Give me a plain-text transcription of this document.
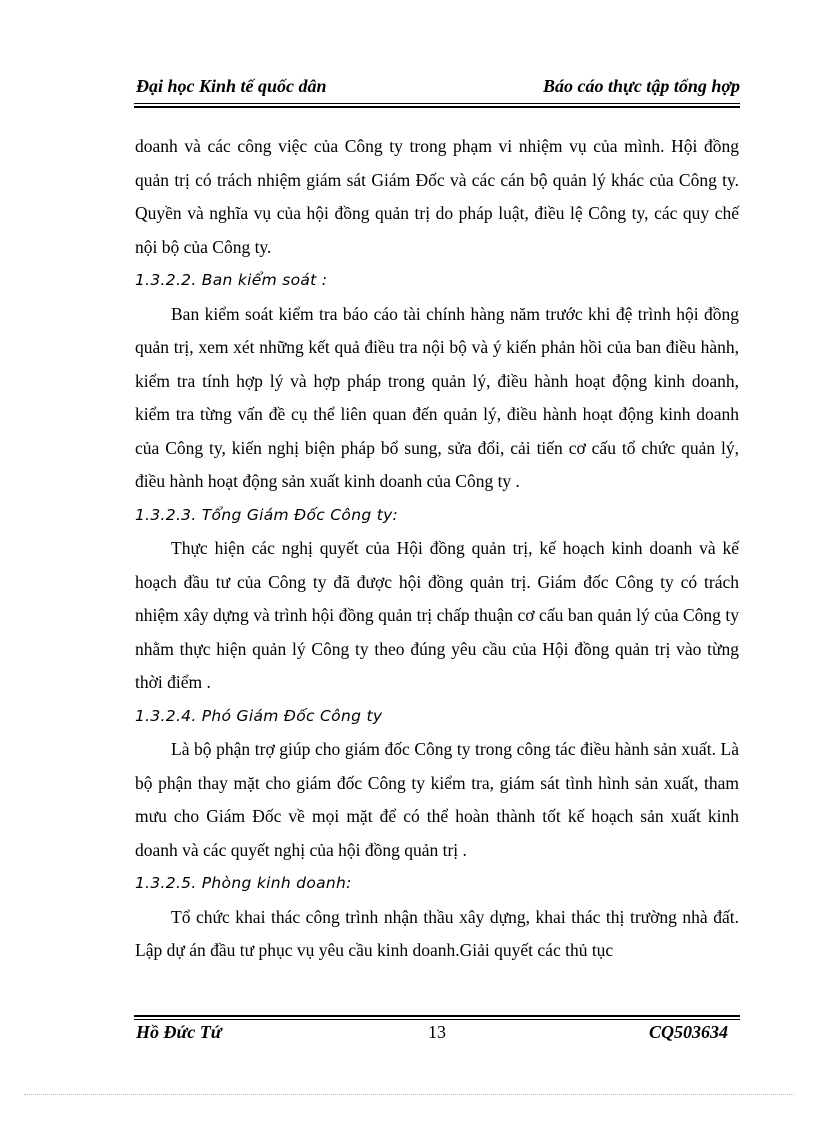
Đại học Kinh tế quốc dân	Báo cáo thực tập tổng hợp

doanh và các công việc của Công ty trong phạm vi nhiệm vụ của mình. Hội đồng quản trị có trách nhiệm giám sát Giám Đốc và các cán bộ quản lý khác của Công ty. Quyền và nghĩa vụ của hội đồng quản trị do pháp luật, điều lệ Công ty, các quy chế nội bộ của Công ty.

1.3.2.2. Ban kiểm soát :

Ban kiểm soát kiểm tra báo cáo tài chính hàng năm trước khi đệ trình hội đồng quản trị, xem xét những kết quả điều tra nội bộ và ý kiến phản hồi của ban điều hành, kiểm tra tính hợp lý và hợp pháp trong quản lý, điều hành hoạt động kinh doanh, kiểm tra từng vấn đề cụ thể liên quan đến quản lý, điều hành hoạt động kinh doanh của Công ty, kiến nghị biện pháp bổ sung, sửa đổi, cải tiến cơ cấu tổ chức quản lý, điều hành hoạt động sản xuất kinh doanh của Công ty .

1.3.2.3. Tổng Giám Đốc Công ty:

Thực hiện các nghị quyết của Hội đồng quản trị, kế hoạch kinh doanh và kế hoạch đầu tư của Công ty đã được hội đồng quản trị. Giám đốc Công ty có trách nhiệm xây dựng và trình hội đồng quản trị chấp thuận cơ cấu ban quản lý của Công ty nhằm thực hiện quản lý Công ty theo đúng yêu cầu của Hội đồng quản trị vào từng thời điểm .

1.3.2.4. Phó Giám Đốc Công ty

Là bộ phận trợ giúp cho giám đốc Công ty trong công tác điều hành sản xuất. Là bộ phận thay mặt cho giám đốc Công ty kiểm tra, giám sát tình hình sản xuất, tham mưu cho Giám Đốc về mọi mặt để có thể hoàn thành tốt kế hoạch sản xuất kinh doanh và các quyết nghị của hội đồng quản trị .

1.3.2.5. Phòng kinh doanh:

Tổ chức khai thác công trình nhận thầu xây dựng, khai thác thị trường nhà đất. Lập dự án đầu tư phục vụ yêu cầu kinh doanh.Giải quyết các thủ tục

Hồ Đức Tứ	13	CQ503634
